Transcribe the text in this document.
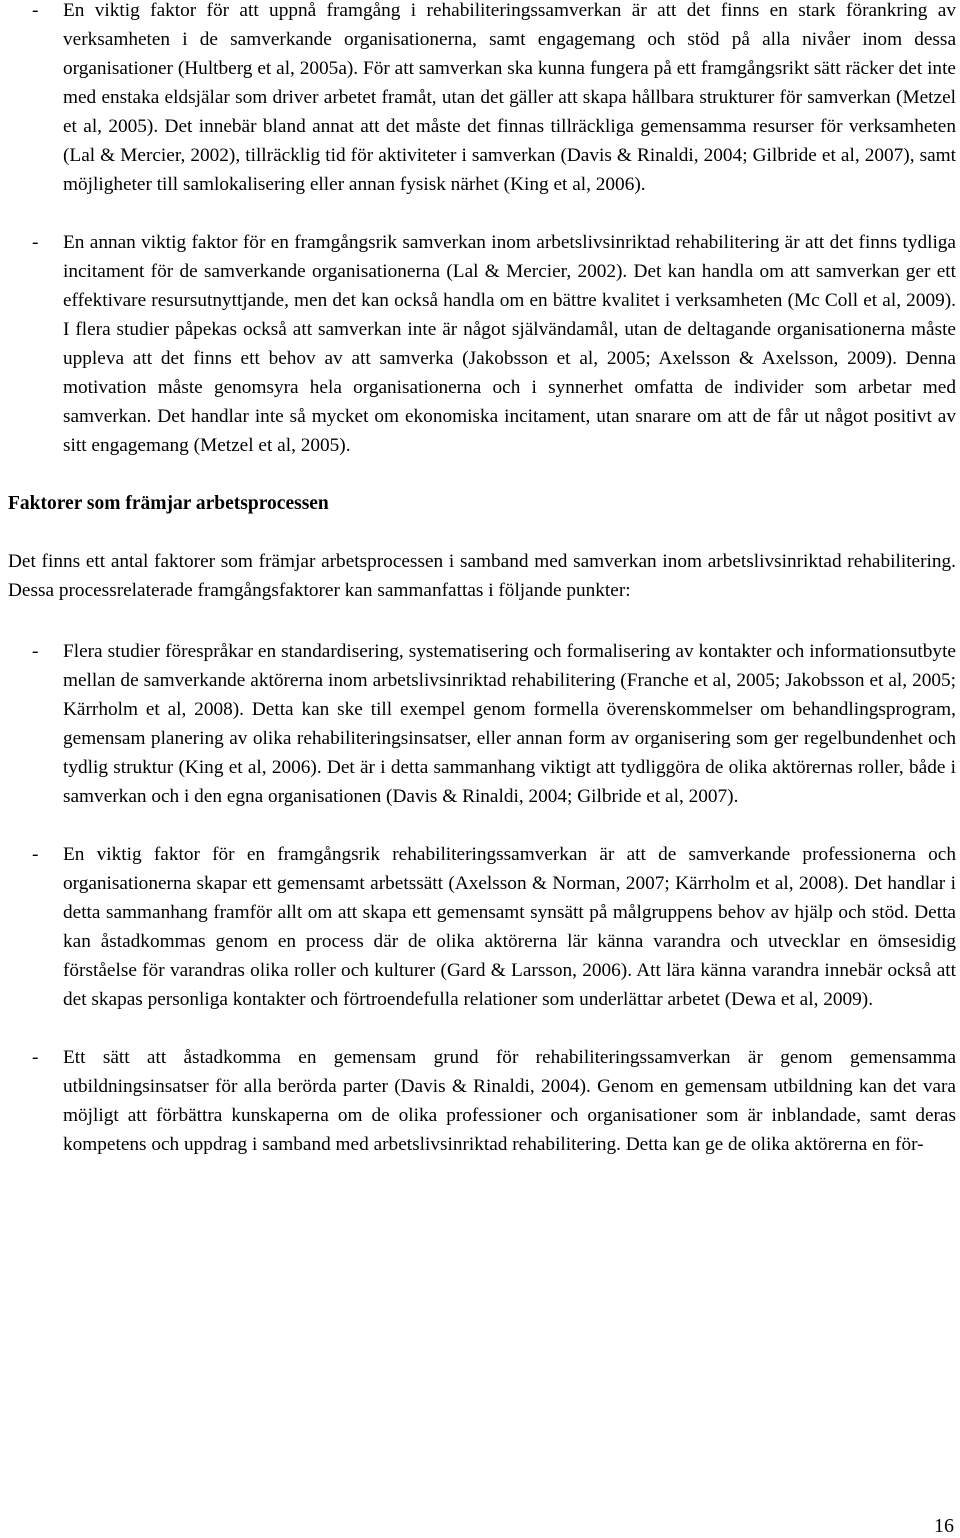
-	En viktig faktor för att uppnå framgång i rehabiliteringssamverkan är att det finns en stark förankring av verksamheten i de samverkande organisationerna, samt engagemang och stöd på alla nivåer inom dessa organisationer (Hultberg et al, 2005a). För att samverkan ska kunna fungera på ett framgångsrikt sätt räcker det inte med enstaka eldsjälar som driver arbetet framåt, utan det gäller att skapa hållbara strukturer för samverkan (Metzel et al, 2005). Det innebär bland annat att det måste det finnas tillräckliga gemensamma resurser för verksamheten (Lal & Mercier, 2002), tillräcklig tid för aktiviteter i samverkan (Davis & Rinaldi, 2004; Gilbride et al, 2007), samt möjligheter till samlokalisering eller annan fysisk närhet (King et al, 2006).
-	En annan viktig faktor för en framgångsrik samverkan inom arbetslivsinriktad rehabilitering är att det finns tydliga incitament för de samverkande organisationerna (Lal & Mercier, 2002). Det kan handla om att samverkan ger ett effektivare resursutnyttjande, men det kan också handla om en bättre kvalitet i verksamheten (Mc Coll et al, 2009). I flera studier påpekas också att samverkan inte är något självändamål, utan de deltagande organisationerna måste uppleva att det finns ett behov av att samverka (Jakobsson et al, 2005; Axelsson & Axelsson, 2009). Denna motivation måste genomsyra hela organisationerna och i synnerhet omfatta de individer som arbetar med samverkan. Det handlar inte så mycket om ekonomiska incitament, utan snarare om att de får ut något positivt av sitt engagemang (Metzel et al, 2005).
Faktorer som främjar arbetsprocessen

Det finns ett antal faktorer som främjar arbetsprocessen i samband med samverkan inom arbetslivsinriktad rehabilitering. Dessa processrelaterade framgångsfaktorer kan sammanfattas i följande punkter:

-	Flera studier förespråkar en standardisering, systematisering och formalisering av kontakter och informationsutbyte mellan de samverkande aktörerna inom arbetslivsinriktad rehabilitering (Franche et al, 2005; Jakobsson et al, 2005; Kärrholm et al, 2008). Detta kan ske till exempel genom formella överenskommelser om behandlingsprogram, gemensam planering av olika rehabiliteringsinsatser, eller annan form av organisering som ger regelbundenhet och tydlig struktur (King et al, 2006). Det är i detta sammanhang viktigt att tydliggöra de olika aktörernas roller, både i samverkan och i den egna organisationen (Davis & Rinaldi, 2004; Gilbride et al, 2007).
-	En viktig faktor för en framgångsrik rehabiliteringssamverkan är att de samverkande professionerna och organisationerna skapar ett gemensamt arbetssätt (Axelsson & Norman, 2007; Kärrholm et al, 2008). Det handlar i detta sammanhang framför allt om att skapa ett gemensamt synsätt på målgruppens behov av hjälp och stöd. Detta kan åstadkommas genom en process där de olika aktörerna lär känna varandra och utvecklar en ömsesidig förståelse för varandras olika roller och kulturer (Gard & Larsson, 2006). Att lära känna varandra innebär också att det skapas personliga kontakter och förtroendefulla relationer som underlättar arbetet (Dewa et al, 2009).
-	Ett sätt att åstadkomma en gemensam grund för rehabiliteringssamverkan är genom gemensamma utbildningsinsatser för alla berörda parter (Davis & Rinaldi, 2004). Genom en gemensam utbildning kan det vara möjligt att förbättra kunskaperna om de olika professioner och organisationer som är inblandade, samt deras kompetens och uppdrag i samband med arbetslivsinriktad rehabilitering. Detta kan ge de olika aktörerna en för-
16
